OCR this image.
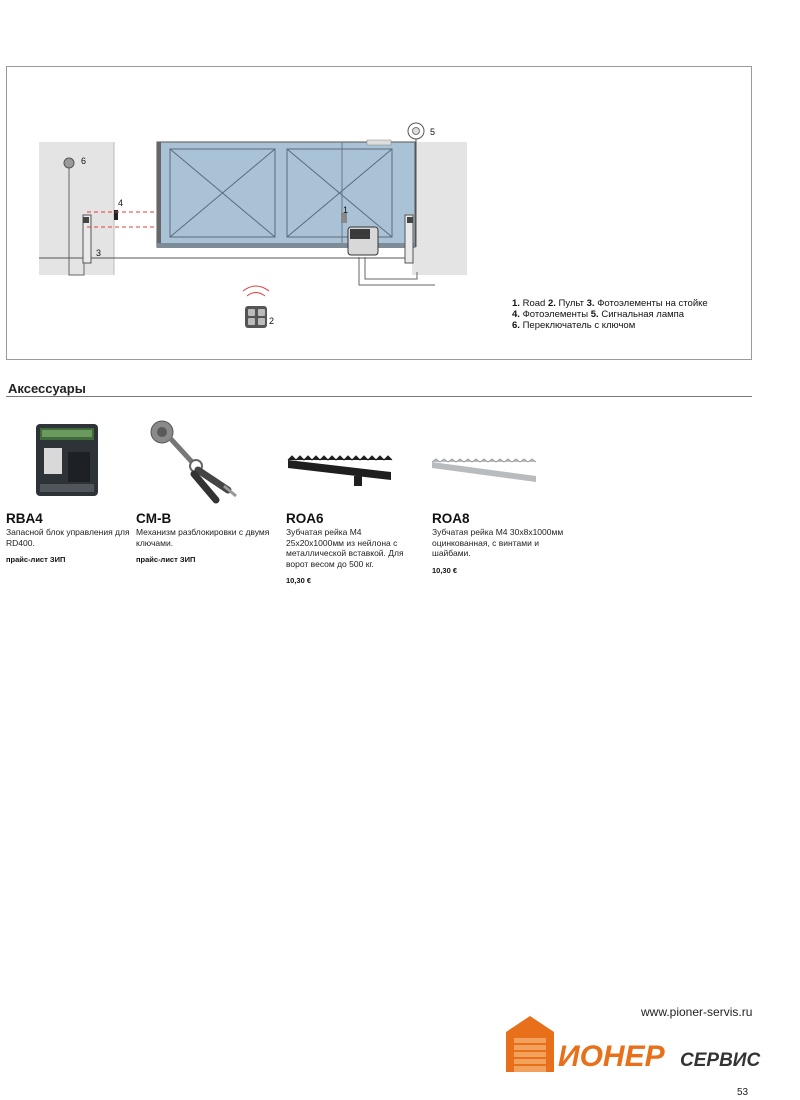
6
4
3
1
5
2
1. Road 2. Пульт 3. Фотоэлементы на стойке
4. Фотоэлементы 5. Сигнальная лампа
6. Переключатель с ключом
Аксессуары
RBA4
Запасной блок управления для RD400.
прайс-лист ЗИП
CM-B
Механизм разблокировки с двумя ключами.
прайс-лист ЗИП
ROA6
Зубчатая рейка M4 25x20x1000мм из нейлона с металлической вставкой. Для ворот весом до 500 кг.
10,30 €
ROA8
Зубчатая рейка M4 30x8x1000мм оцинкованная, с винтами и шайбами.
10,30 €
www.pioner-servis.ru
ИОНЕР СЕРВИС
53
